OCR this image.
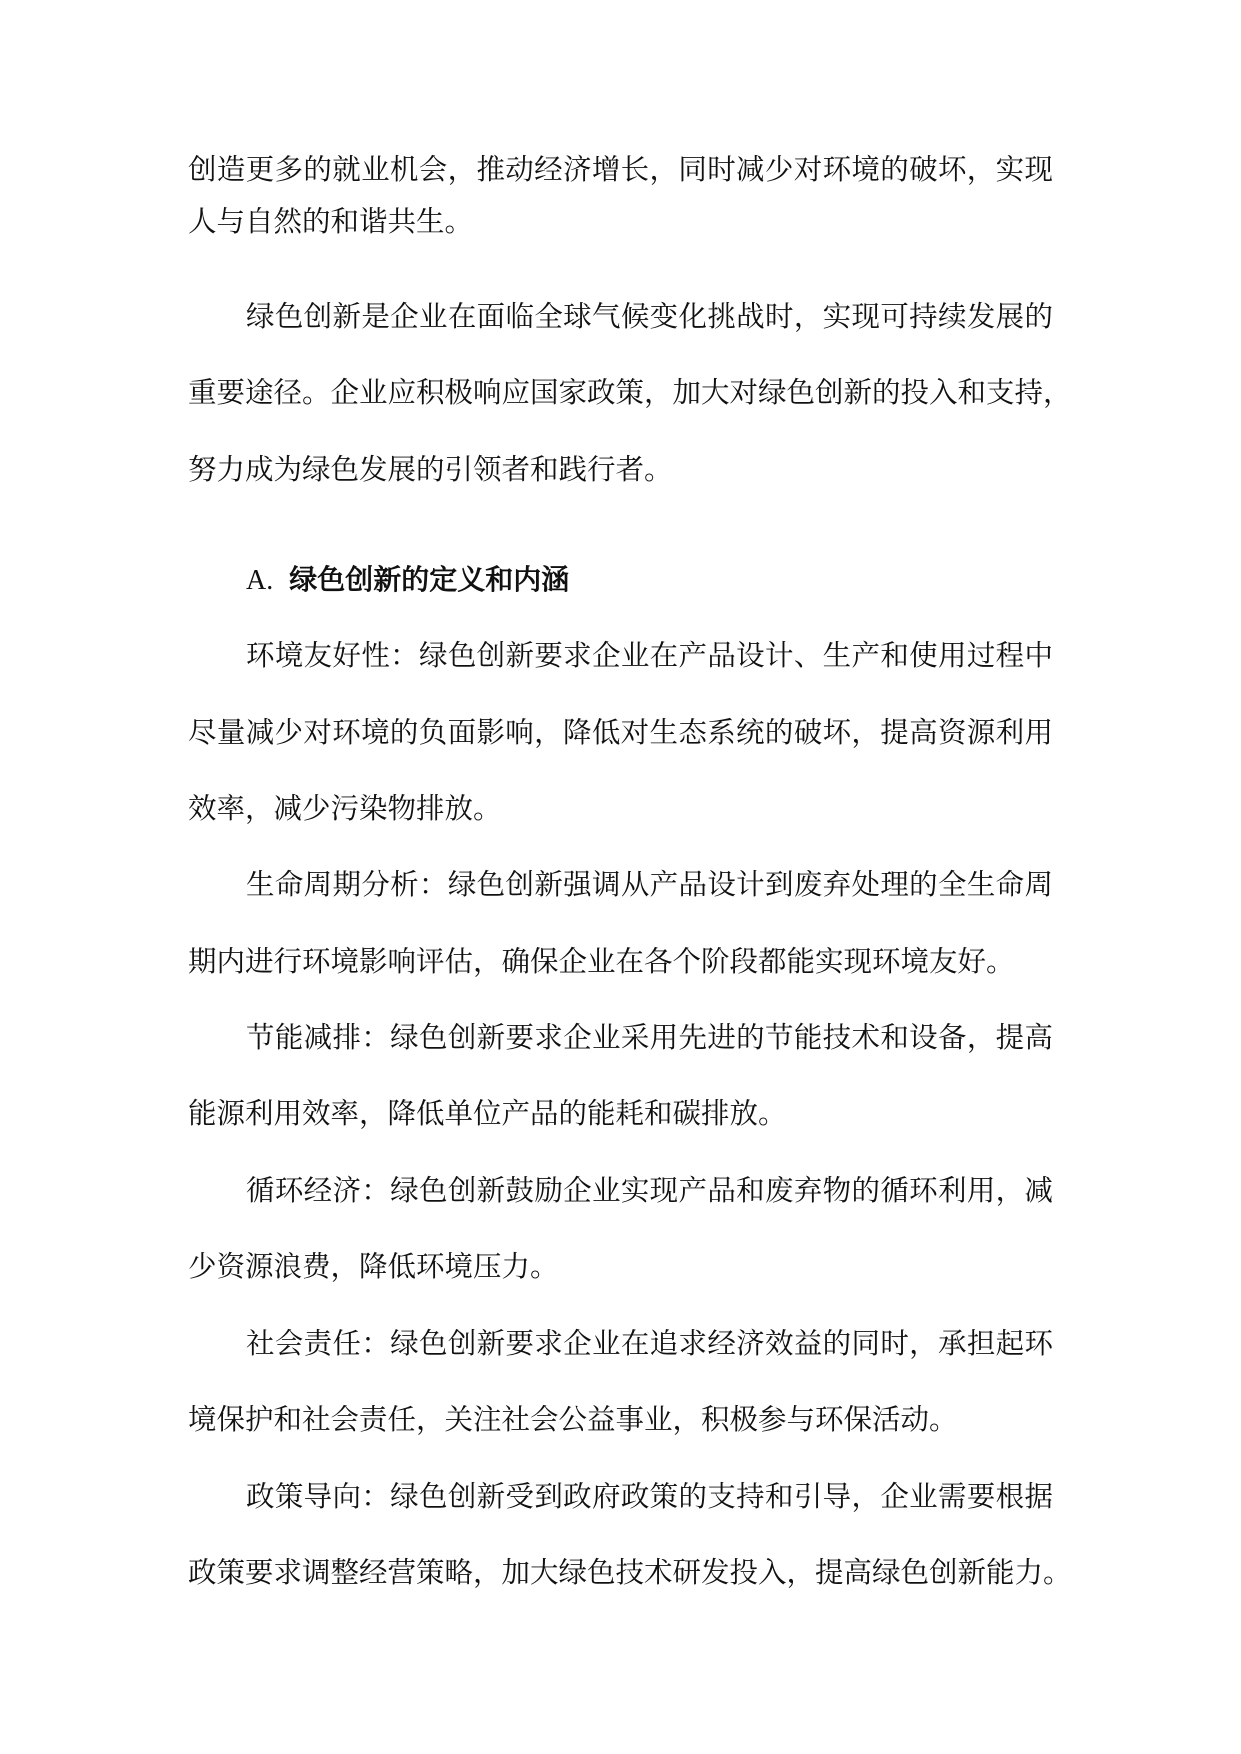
创造更多的就业机会，推动经济增长，同时减少对环境的破坏，实现
人与自然的和谐共生。
绿色创新是企业在面临全球气候变化挑战时，实现可持续发展的
重要途径。企业应积极响应国家政策，加大对绿色创新的投入和支持，
努力成为绿色发展的引领者和践行者。
A. 绿色创新的定义和内涵
环境友好性：绿色创新要求企业在产品设计、生产和使用过程中
尽量减少对环境的负面影响，降低对生态系统的破坏，提高资源利用
效率，减少污染物排放。
生命周期分析：绿色创新强调从产品设计到废弃处理的全生命周
期内进行环境影响评估，确保企业在各个阶段都能实现环境友好。
节能减排：绿色创新要求企业采用先进的节能技术和设备，提高
能源利用效率，降低单位产品的能耗和碳排放。
循环经济：绿色创新鼓励企业实现产品和废弃物的循环利用，减
少资源浪费，降低环境压力。
社会责任：绿色创新要求企业在追求经济效益的同时，承担起环
境保护和社会责任，关注社会公益事业，积极参与环保活动。
政策导向：绿色创新受到政府政策的支持和引导，企业需要根据
政策要求调整经营策略，加大绿色技术研发投入，提高绿色创新能力。
